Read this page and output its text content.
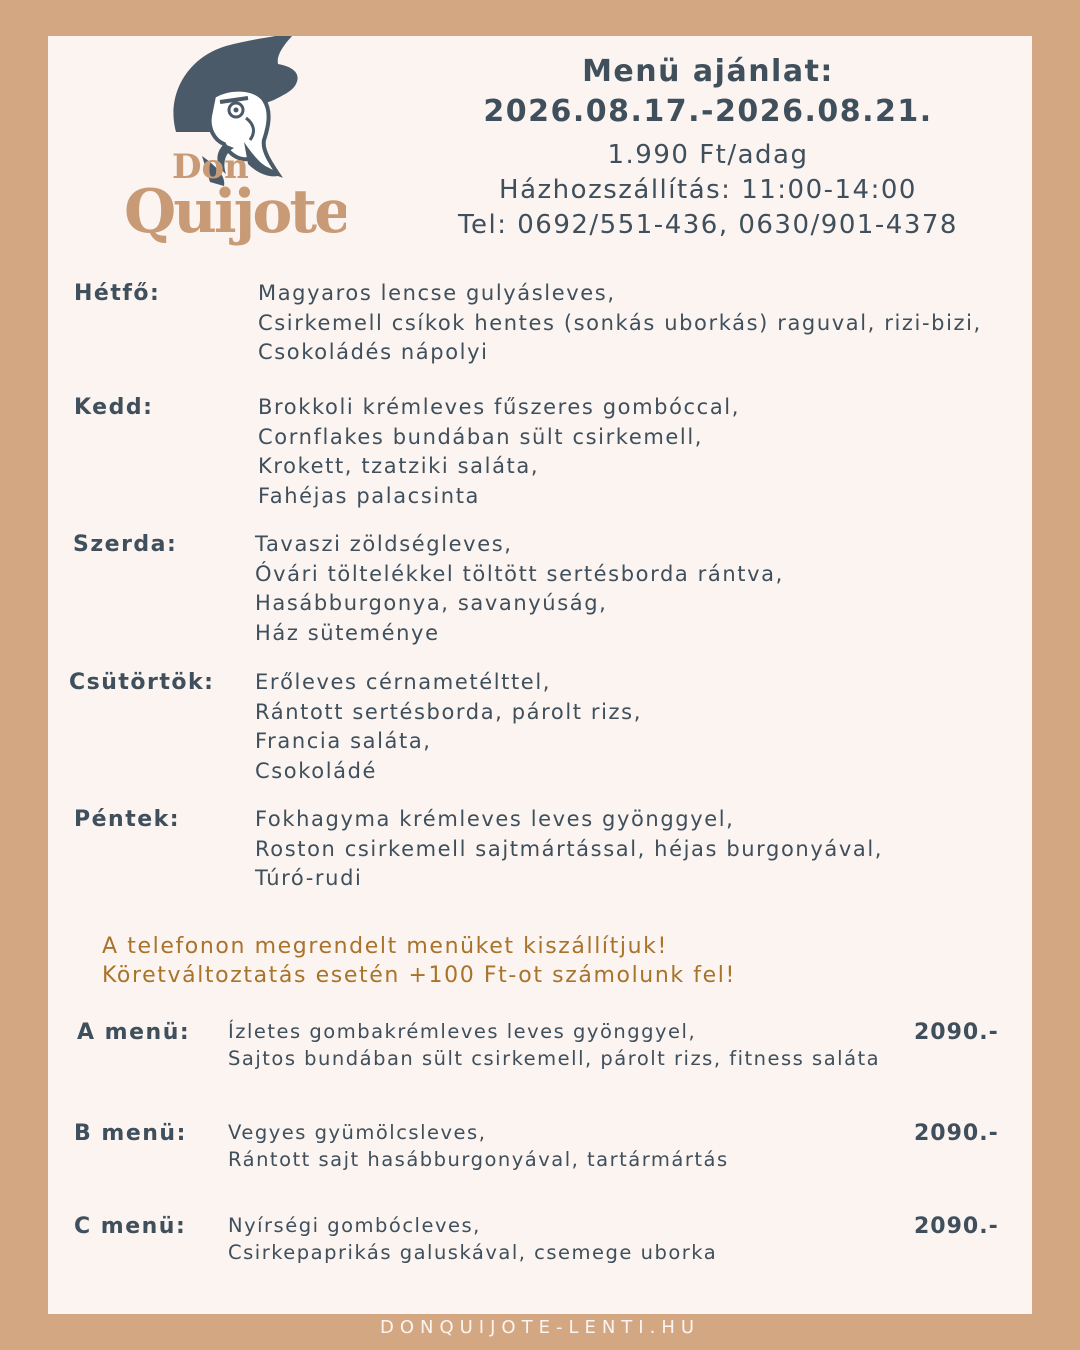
Don
Quijote
Menü ajánlat:
2026.08.17.-2026.08.21.
1.990 Ft/adag
Házhozszállítás: 11:00-14:00
Tel: 0692/551-436, 0630/901-4378
Hétfő:	Magyaros lencse gulyásleves,
Csirkemell csíkok hentes (sonkás uborkás) raguval, rizi-bizi,
Csokoládés nápolyi
Kedd:	Brokkoli krémleves fűszeres gombóccal,
Cornflakes bundában sült csirkemell,
Krokett, tzatziki saláta,
Fahéjas palacsinta
Szerda:	Tavaszi zöldségleves,
Óvári töltelékkel töltött sertésborda rántva,
Hasábburgonya, savanyúság,
Ház süteménye
Csütörtök: Erőleves cérnametélttel,
Rántott sertésborda, párolt rizs,
Francia saláta,
Csokoládé
Péntek:	Fokhagyma krémleves leves gyönggyel,
Roston csirkemell sajtmártással, héjas burgonyával,
Túró-rudi
A telefonon megrendelt menüket kiszállítjuk!
Köretváltoztatás esetén +100 Ft-ot számolunk fel!
A menü: Ízletes gombakrémleves leves gyönggyel,
Sajtos bundában sült csirkemell, párolt rizs, fitness saláta
2090.-
B menü: Vegyes gyümölcsleves,
Rántott sajt hasábburgonyával, tartármártás
2090.-
C menü: Nyírségi gombócleves,
Csirkepaprikás galuskával, csemege uborka
2090.-
DONQUIJOTE-LENTI.HU
